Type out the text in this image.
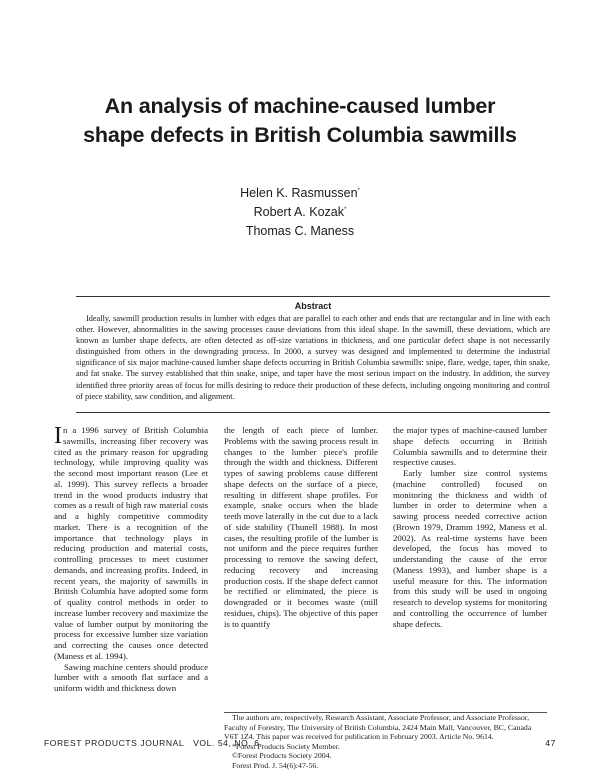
An analysis of machine-caused lumber
shape defects in British Columbia sawmills
Helen K. Rasmussen*
Robert A. Kozak*
Thomas C. Maness
Abstract

Ideally, sawmill production results in lumber with edges that are parallel to each other and ends that are rectangular and in line with each other. However, abnormalities in the sawing processes cause deviations from this ideal shape. In the sawmill, these deviations, which are known as lumber shape defects, are often detected as off-size variations in thickness, and one particular defect shape is not necessarily distinguished from others in the downgrading process. In 2000, a survey was designed and implemented to determine the industrial significance of six major machine-caused lumber shape defects occurring in British Columbia sawmills: snipe, flare, wedge, taper, thin snake, and fat snake. The survey established that thin snake, snipe, and taper have the most serious impact on the industry. In addition, the survey identified three priority areas of focus for mills desiring to reduce their production of these defects, including ongoing monitoring and control of piece stability, saw condition, and alignment.

In a 1996 survey of British Columbia sawmills, increasing fiber recovery was cited as the primary reason for upgrading technology, while improving quality was the second most important reason (Lee et al. 1999). This survey reflects a broader trend in the wood products industry that comes as a result of high raw material costs and a highly competitive commodity market. There is a recognition of the importance that technology plays in reducing production and material costs, controlling processes to meet customer demands, and increasing profits. Indeed, in recent years, the majority of sawmills in British Columbia have adopted some form of quality control methods in order to increase lumber recovery and maximize the value of lumber output by monitoring the process for excessive lumber size variation and correcting the causes once detected (Maness et al. 1994).

Sawing machine centers should produce lumber with a smooth flat surface and a uniform width and thickness down

the length of each piece of lumber. Problems with the sawing process result in changes to the lumber piece's profile through the width and thickness. Different types of sawing problems cause different shape defects on the surface of a piece, resulting in different shape profiles. For example, snake occurs when the blade teeth move laterally in the cut due to a lack of side stability (Thunell 1988). In most cases, the resulting profile of the lumber is not uniform and the piece requires further processing to remove the sawing defect, reducing recovery and increasing production costs. If the shape defect cannot be rectified or eliminated, the piece is downgraded or it becomes waste (mill residues, chips). The objective of this paper is to quantify

the major types of machine-caused lumber shape defects occurring in British Columbia sawmills and to determine their respective causes.

Early lumber size control systems (machine controlled) focused on monitoring the thickness and width of lumber in order to determine when a sawing process needed corrective action (Brown 1979, Dramm 1992, Maness et al. 2002). As real-time systems have been developed, the focus has moved to understanding the cause of the error (Maness 1993), and lumber shape is a useful measure for this. The information from this study will be used in ongoing research to develop systems for monitoring and controlling the occurrence of lumber shape defects.

The authors are, respectively, Research Assistant, Associate Professor, and Associate Professor, Faculty of Forestry, The University of British Columbia, 2424 Main Mall, Vancouver, BC, Canada V6T 1Z4. This paper was received for publication in February 2003. Article No. 9614.

*Forest Products Society Member.

©Forest Products Society 2004.

Forest Prod. J. 54(6):47-56.

FOREST PRODUCTS JOURNAL VOL. 54, NO. 6	47
